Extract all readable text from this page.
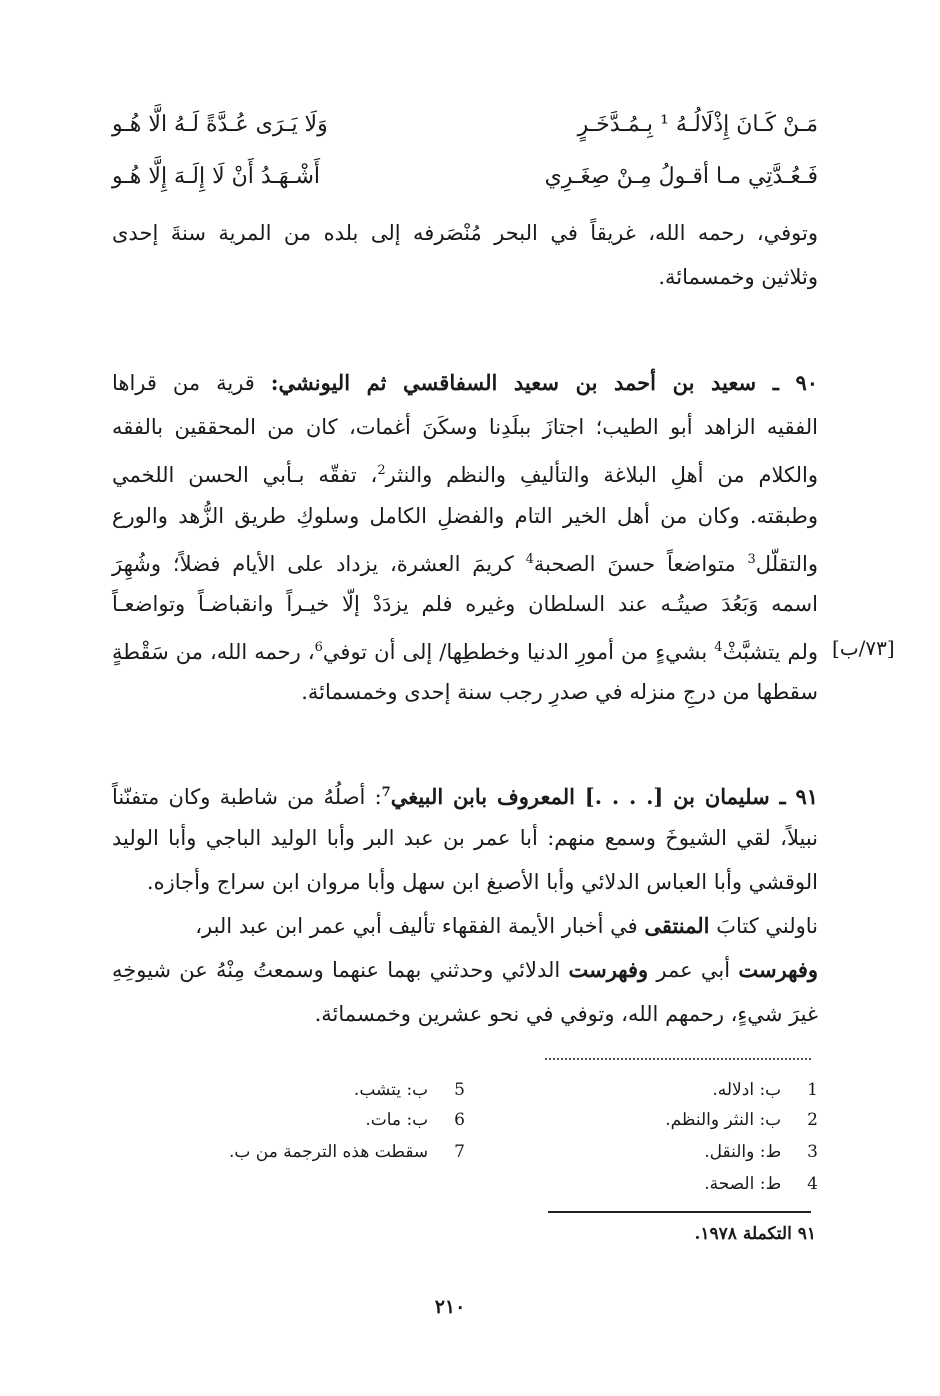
مَـنْ كَـانَ إِذْلَالُـهُ ¹ بِـمُـدَّخَـرٍ
وَلَا يَـرَى عُـدَّةً لَـهُ الَّا هُـو
فَـعُـدَّتِي مـا أقـولُ مِـنْ صِغَـرِي
أَشْـهَـدُ أَنْ لَا إِلَـهَ إِلَّا هُـو
وتوفي، رحمه الله، غريقاً في البحر مُنْصَرفه إلى بلده من المرية سنةَ إحدى
وثلاثين وخمسمائة.
٩٠ ـ سعيد بن أحمد بن سعيد السفاقسي ثم اليونشي: قرية من قراها
الفقيه الزاهد أبو الطيب؛ اجتازَ ببلَدِنا وسكَنَ أغمات، كان من المحققين بالفقه
والكلام من أهلِ البلاغة والتأليفِ والنظم والنثر$^2$، تفقّه بـأبي الحسن اللخمي
وطبقته. وكان من أهل الخير التام والفضلِ الكامل وسلوكِ طريق الزُّهد والورع
والتقلّل$^3$ متواضعاً حسنَ الصحبة$^4$ كريمَ العشرة، يزداد على الأيام فضلاً؛ وشُهِرَ
اسمه وَبَعُدَ صيتُـه عند السلطان وغيره فلم يزدَدْ إلّا خيـراً وانقباضـاً وتواضعـاً
ولم يتشبَّثْ$^4$ بشيءٍ من أمورِ الدنيا وخططِها/ إلى أن توفي$^6$، رحمه الله، من سَقْطةٍ	[٧٣/ب]
سقطها من درجِ منزله في صدرِ رجب سنة إحدى وخمسمائة.
٩١ ـ سليمان بن [. . . .] المعروف بابن البيغي$^7$: أصلُهُ من شاطبة وكان متفنّناً
نبيلاً، لقي الشيوخَ وسمع منهم: أبا عمر بن عبد البر وأبا الوليد الباجي وأبا الوليد
الوقشي وأبا العباس الدلائي وأبا الأصبغ ابن سهل وأبا مروان ابن سراج وأجازه.
ناولني كتابَ المنتقى في أخبار الأيمة الفقهاء تأليف أبي عمر ابن عبد البر،
وفهرست أبي عمر وفهرست الدلائي وحدثني بهما عنهما وسمعتُ مِنْهُ عن شيوخِهِ
غيرَ شيءٍ، رحمهم الله، وتوفي في نحو عشرين وخمسمائة.
1  ب: ادلاله.
2  ب: النثر والنظم.
3  ط: والنقل.
4  ط: الصحة.
5  ب: يتشب.
6  ب: مات.
7  سقطت هذه الترجمة من ب.
٩١ التكملة ١٩٧٨.
٢١٠
